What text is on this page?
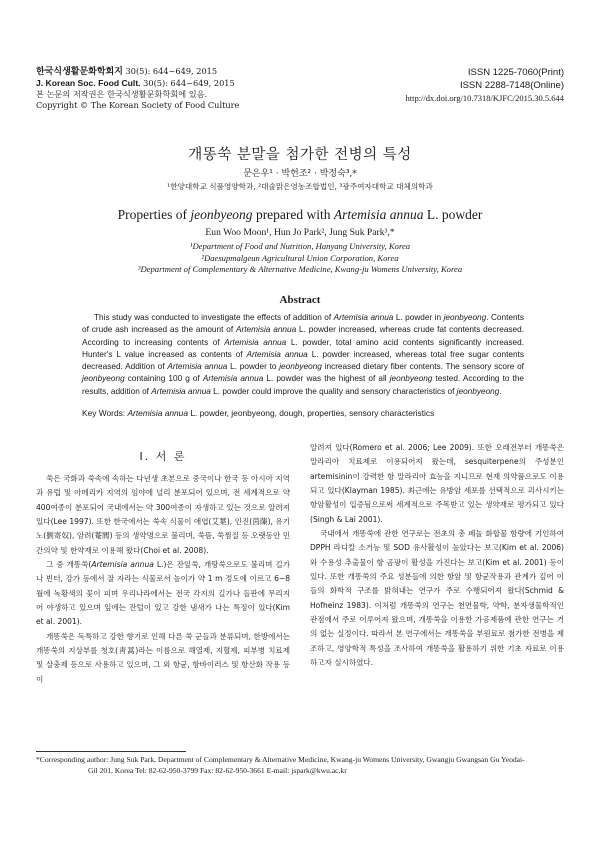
한국식생활문화학회지 30(5): 644~649, 2015
J. Korean Soc. Food Cult. 30(5): 644~649, 2015
본 논문의 저작권은 한국식생활문화학회에 있음.
Copyright © The Korean Society of Food Culture
ISSN 1225-7060(Print)
ISSN 2288-7148(Online)
http://dx.doi.org/10.7318/KJFC/2015.30.5.644
개똥쑥 분말을 첨가한 전병의 특성
문은우¹ · 박헌조² · 박정숙³,*
¹한양대학교 식품영양학과, ²대술맑은영농조합법인, ³광주여자대학교 대체의학과
Properties of jeonbyeong prepared with Artemisia annua L. powder
Eun Woo Moon¹, Hun Jo Park², Jung Suk Park³,*
¹Department of Food and Nutrition, Hanyang University, Korea
²Daesupmalgeun Agricultural Union Corporation, Korea
³Department of Complementary & Alternative Medicine, Kwang-ju Womens University, Korea
Abstract
This study was conducted to investigate the effects of addition of Artemisia annua L. powder in jeonbyeong. Contents of crude ash increased as the amount of Artemisia annua L. powder increased, whereas crude fat contents decreased. According to increasing contents of Artemisia annua L. powder, total amino acid contents significantly increased. Hunter's L value increased as contents of Artemisia annua L. powder increased, whereas total free sugar contents decreased. Addition of Artemisia annua L. powder to jeonbyeong increased dietary fiber contents. The sensory score of jeonbyeong containing 100 g of Artemisia annua L. powder was the highest of all jeonbyeong tested. According to the results, addition of Artemisia annua L. powder could improve the quality and sensory characteristics of jeonbyeong.
Key Words: Artemisia annua L. powder, jeonbyeong, dough, properties, sensory characteristics
I. 서 론

쑥은 국화과 쑥속에 속하는 다년생 초본으로 중국이나 한국 등 아시아 지역과 유럽 및 아메리카 지역의 임야에 널리 분포되어 있으며, 전 세계적으로 약 400여종이 분포되어 국내에서는 약 300여종이 자생하고 있는 것으로 알려져 있다(Lee 1997). 또한 한국에서는 쑥속 식물이 애엽(艾葉), 인진(茵蔯), 유기노(劉寄奴), 암려(菴閭) 등의 생약명으로 불리며, 쑥뜸, 쑥찜질 등 오랫동안 민간의약 및 한약재로 이용해 왔다(Choi et al. 2008).

그 중 개똥쑥(Artemisia annua L.)은 잔잎쑥, 개땅쑥으로도 불리며 길가나 빈터, 강가 등에서 잘 자라는 식물로서 높이가 약 1 m 정도에 이르고 6~8월에 녹황색의 꽃이 피며 우리나라에서는 전국 각지의 길가나 들판에 무리지어 야생하고 있으며 잎에는 잔털이 있고 강한 냄새가 나는 특징이 있다(Kim et al. 2001).

개똥쑥은 독특하고 강한 향기로 인해 다른 쑥 군들과 분류되며, 한방에서는 개똥쑥의 지상부를 청호(靑蒿)라는 이름으로 해열제, 지혈제, 피부병 치료제 및 살충제 등으로 사용하고 있으며, 그 외 항균, 항바이러스 및 항산화 작용 등이

알려져 있다(Romero et al. 2006; Lee 2009). 또한 오래전부터 개똥쑥은 말라리아 치료제로 이용되어져 왔는데, sesquiterpene의 주성분인 artemisinin이 강력한 항 말라리아 효능을 지니므로 현재 의약품으로도 이용되고 있다(Klayman 1985). 최근에는 유방암 세포를 선택적으로 괴사시키는 항암활성이 입증됨으로써 세계적으로 주목받고 있는 생약재로 평가되고 있다(Singh & Lai 2001).

국내에서 개똥쑥에 관한 연구로는 전초의 총 페놀 화합물 함량에 기인하여 DPPH 라디칼 소거능 및 SOD 유사활성이 높았다는 보고(Kim et al. 2006)와 수용성 추출물이 항 곰팡이 활성을 가진다는 보고(Kim et al. 2001) 등이 있다. 또한 개똥쑥의 주요 성분들에 의한 항암 및 항균작용과 관계가 깊어 이들의 화학적 구조를 밝혀내는 연구가 주로 수행되어져 왔다(Schmid & Hofheinz 1983). 이처럼 개똥쑥의 연구는 천연물학, 약학, 분자생물학적인 관점에서 주로 이루어져 왔으며, 개똥쑥을 이용한 가공제품에 관한 연구는 거의 없는 실정이다. 따라서 본 연구에서는 개똥쑥을 부원료로 첨가한 전병을 제조하고, 영양학적 특성을 조사하여 개똥쑥을 활용하기 위한 기초 자료로 이용하고자 실시하였다.

*Corresponding author: Jung Suk Park, Department of Complementary & Alternative Medicine, Kwang-ju Womens University, Gwangju Gwangsan Gu Yeodai-
Gil 201, Korea Tel: 82-62-950-3799 Fax: 82-62-950-3661 E-mail: jspark@kwu.ac.kr
